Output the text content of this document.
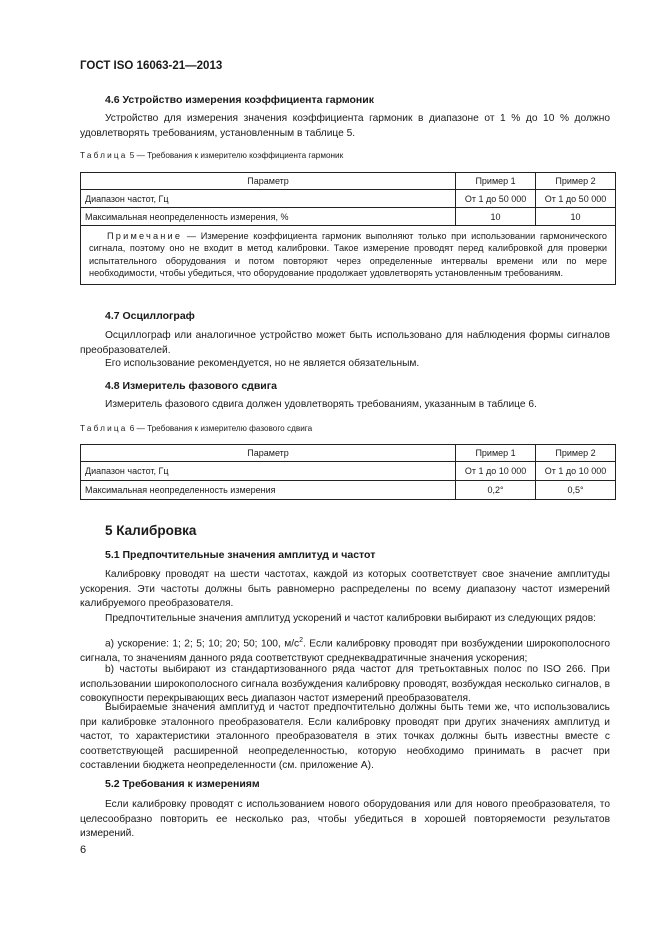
ГОСТ ISO 16063-21—2013
4.6 Устройство измерения коэффициента гармоник
Устройство для измерения значения коэффициента гармоник в диапазоне от 1 % до 10 % должно удовлетворять требованиям, установленным в таблице 5.
Таблица 5 — Требования к измерителю коэффициента гармоник
Параметр	Пример 1	Пример 2
Диапазон частот, Гц	От 1 до 50 000	От 1 до 50 000
Максимальная неопределенность измерения, %	10	10
Примечание — Измерение коэффициента гармоник выполняют только при использовании гармонического сигнала, поэтому оно не входит в метод калибровки. Такое измерение проводят перед калибровкой для проверки испытательного оборудования и потом повторяют через определенные интервалы времени или по мере необходимости, чтобы убедиться, что оборудование продолжает удовлетворять установленным требованиям.		
4.7 Осциллограф
Осциллограф или аналогичное устройство может быть использовано для наблюдения формы сигналов преобразователей.
Его использование рекомендуется, но не является обязательным.
4.8 Измеритель фазового сдвига
Измеритель фазового сдвига должен удовлетворять требованиям, указанным в таблице 6.
Таблица 6 — Требования к измерителю фазового сдвига
Параметр	Пример 1	Пример 2
Диапазон частот, Гц	От 1 до 10 000	От 1 до 10 000
Максимальная неопределенность измерения	0,2°	0,5°
5 Калибровка
5.1 Предпочтительные значения амплитуд и частот
Калибровку проводят на шести частотах, каждой из которых соответствует свое значение амплитуды ускорения. Эти частоты должны быть равномерно распределены по всему диапазону частот измерений калибруемого преобразователя.
Предпочтительные значения амплитуд ускорений и частот калибровки выбирают из следующих рядов:
а) ускорение: 1; 2; 5; 10; 20; 50; 100, $м/с^2$. Если калибровку проводят при возбуждении широкополосного сигнала, то значениям данного ряда соответствуют среднеквадратичные значения ускорения;
b) частоты выбирают из стандартизованного ряда частот для третьоктавных полос по ISO 266. При использовании широкополосного сигнала возбуждения калибровку проводят, возбуждая несколько сигналов, в совокупности перекрывающих весь диапазон частот измерений преобразователя.
Выбираемые значения амплитуд и частот предпочтительно должны быть теми же, что использовались при калибровке эталонного преобразователя. Если калибровку проводят при других значениях амплитуд и частот, то характеристики эталонного преобразователя в этих точках должны быть известны вместе с соответствующей расширенной неопределенностью, которую необходимо принимать в расчет при составлении бюджета неопределенности (см. приложение А).
5.2 Требования к измерениям
Если калибровку проводят с использованием нового оборудования или для нового преобразователя, то целесообразно повторить ее несколько раз, чтобы убедиться в хорошей повторяемости результатов измерений.
6
